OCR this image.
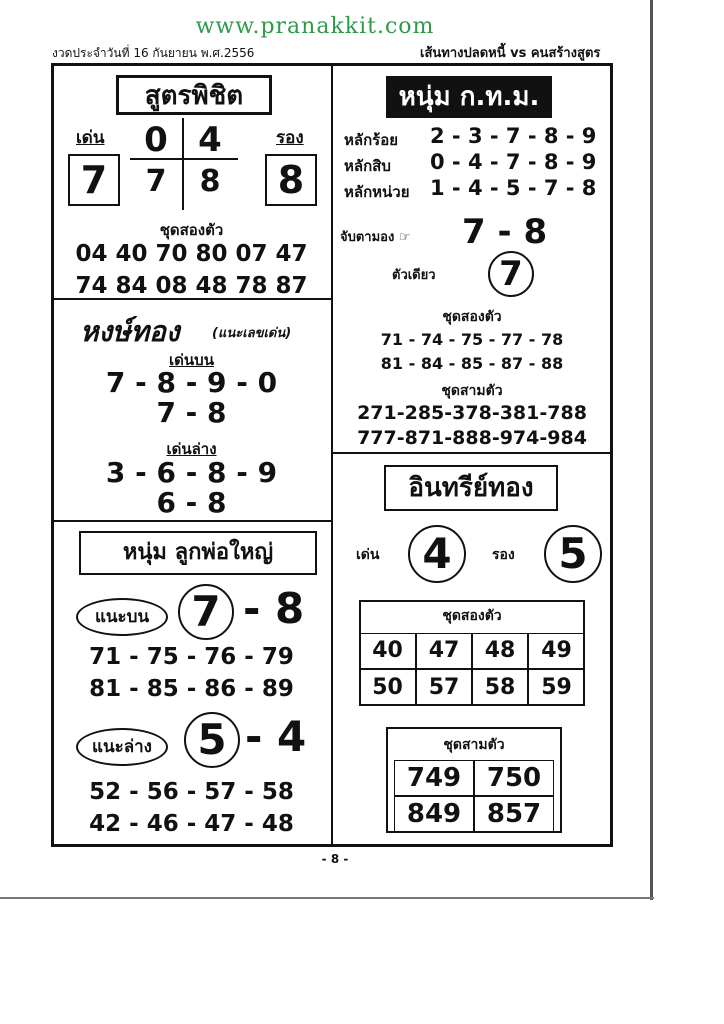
www.pranakkit.com
งวดประจำวันที่ 16 กันยายน พ.ศ.2556	เส้นทางปลดหนี้ vs คนสร้างสูตร
สูตรพิชิต
เด่น	รอง
7	8
0 4
7	8
ชุดสองตัว
04 40 70 80 07 47
74 84 08 48 78 87
หงษ์ทอง (แนะเลขเด่น)
เด่นบน
7 - 8 - 9 - 0
7 - 8
เด่นล่าง
3 - 6 - 8 - 9
6 - 8
หนุ่ม ลูกพ่อใหญ่
แนะบน	7 - 8
71 - 75 - 76 - 79
81 - 85 - 86 - 89
แนะล่าง	5 - 4
52 - 56 - 57 - 58
42 - 46 - 47 - 48
หนุ่ม ก.ท.ม.
หลักร้อย 2 - 3 - 7 - 8 - 9
หลักสิบ 0 - 4 - 7 - 8 - 9
หลักหน่วย 1 - 4 - 5 - 7 - 8
จับตามอง ☞ 7 - 8
ตัวเดียว	7
ชุดสองตัว
71 - 74 - 75 - 77 - 78
81 - 84 - 85 - 87 - 88
ชุดสามตัว
271-285-378-381-788
777-871-888-974-984
อินทรีย์ทอง
เด่น	4	รอง	5
ชุดสองตัว
40	47	48	49
50	57	58	59
ชุดสามตัว
749 750
849 857
- 8 -
